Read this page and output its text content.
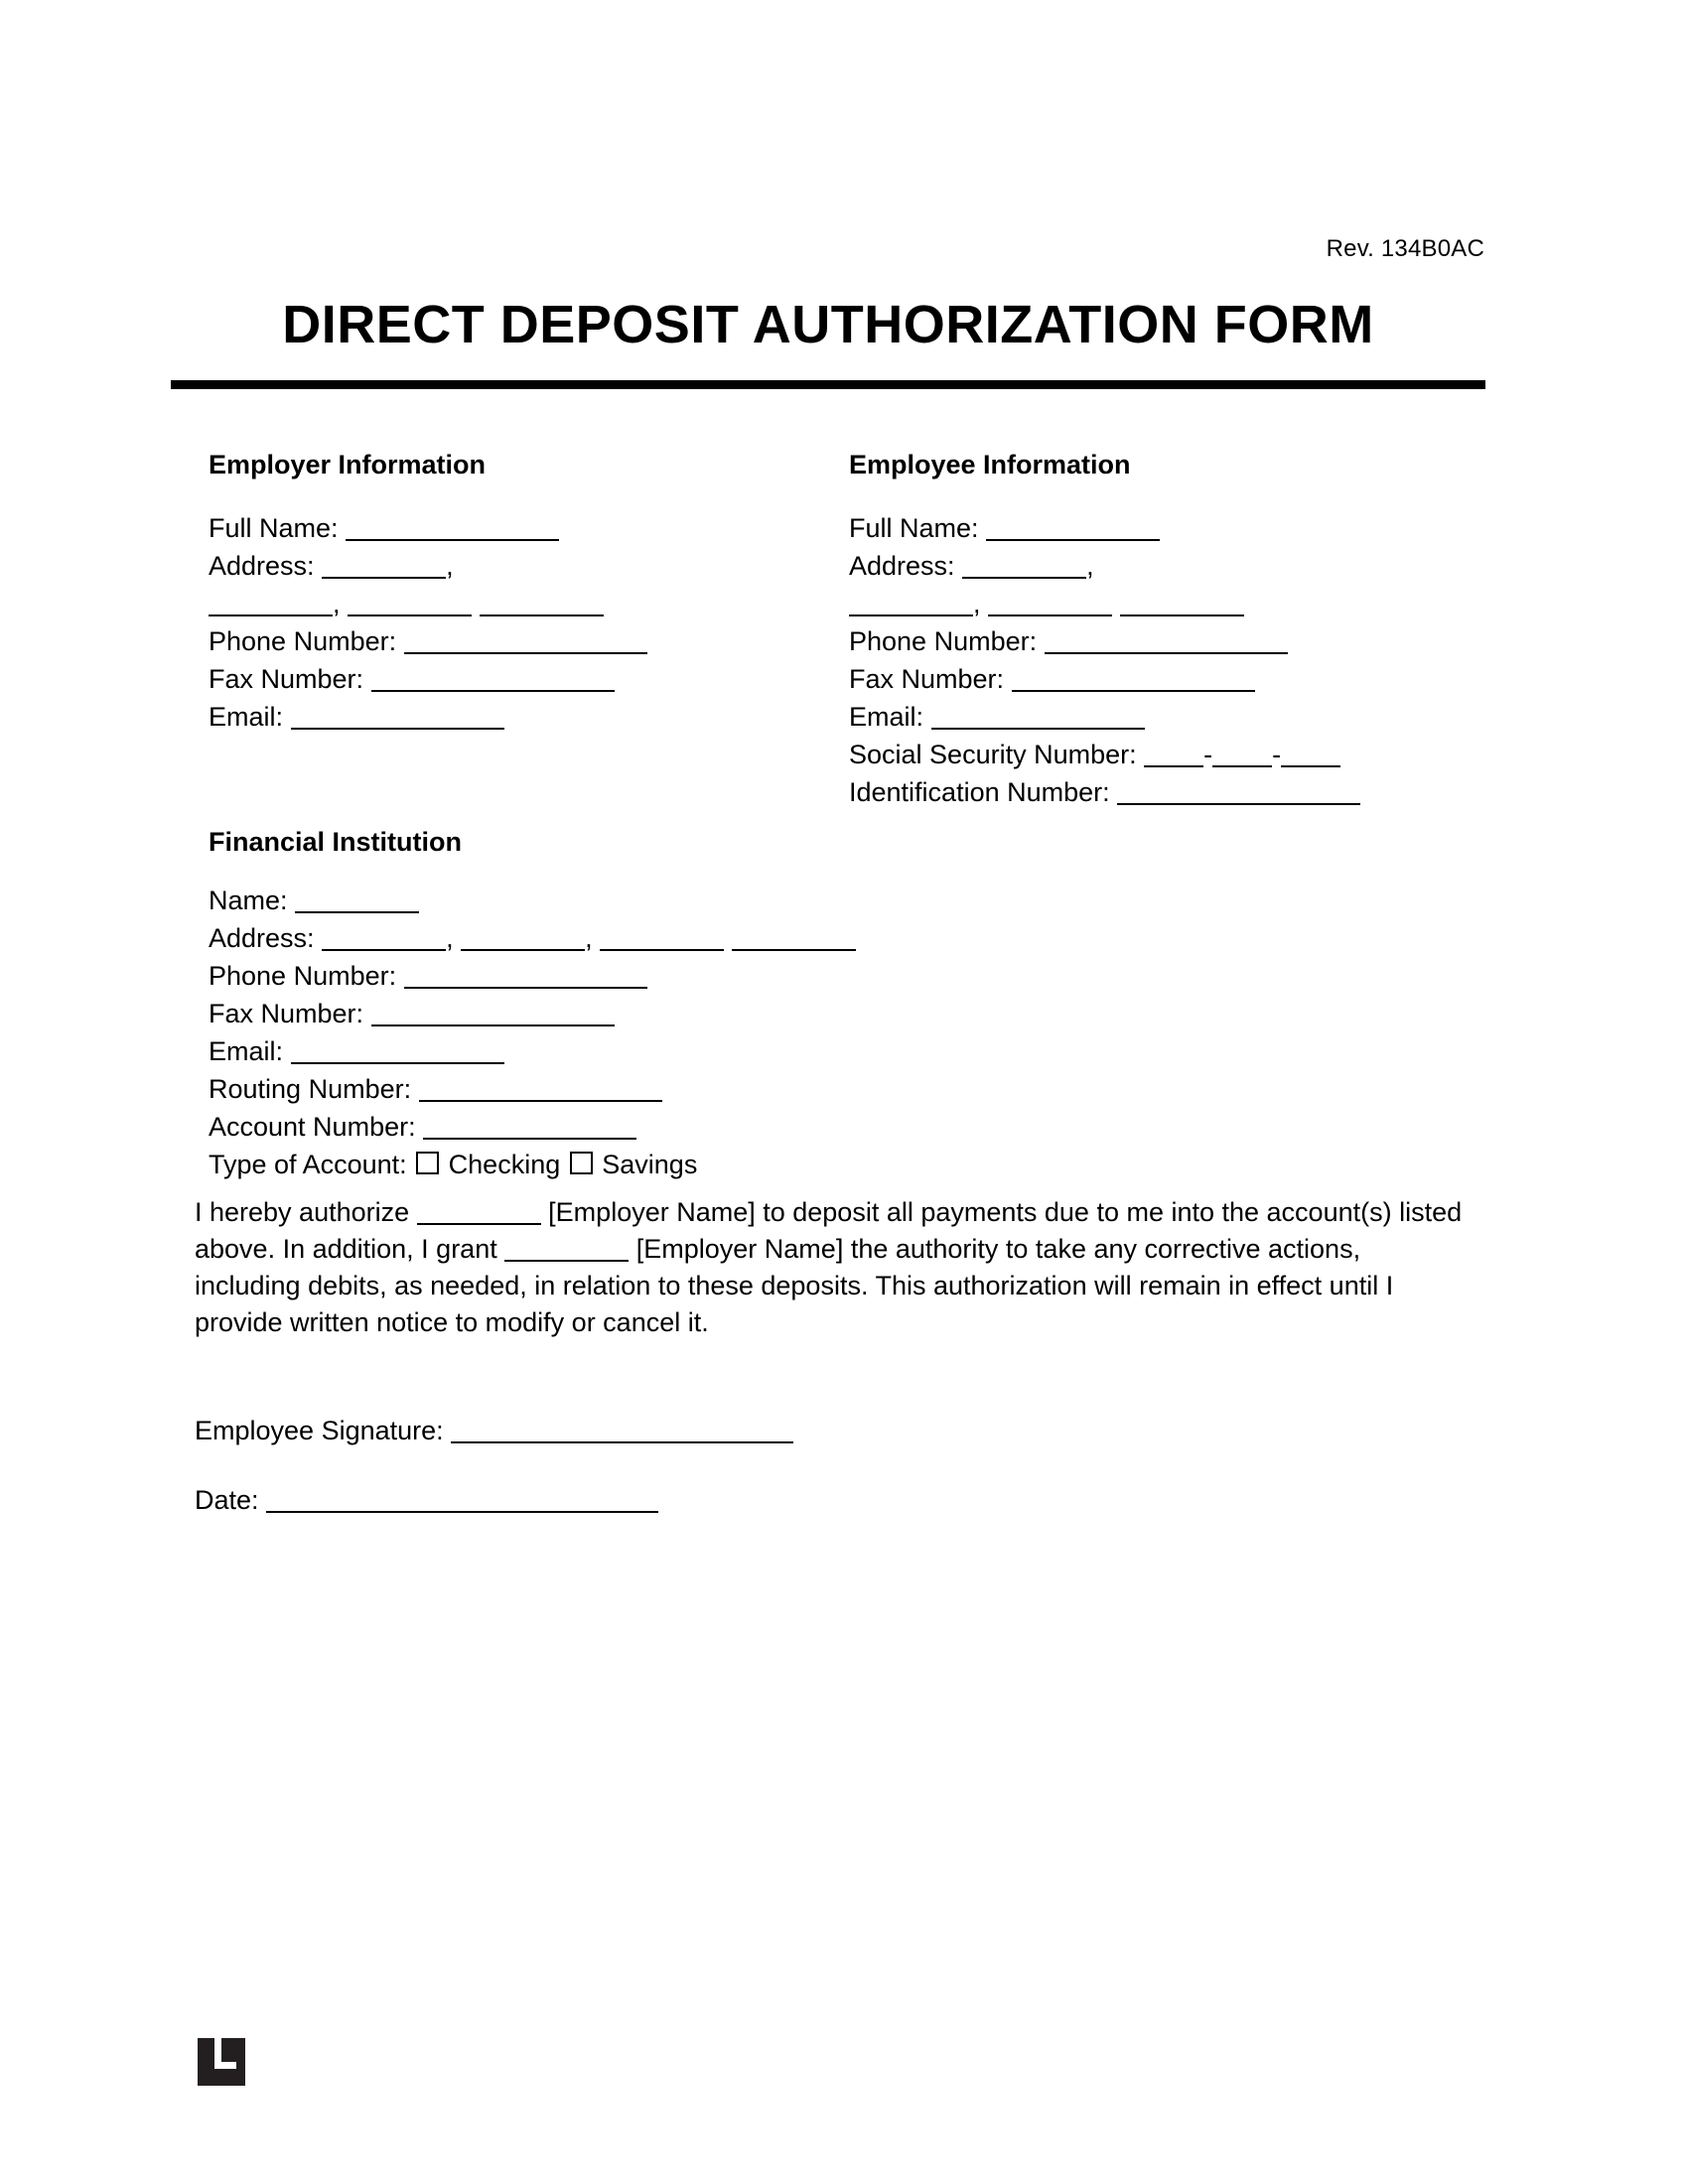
Rev. 134B0AC
DIRECT DEPOSIT AUTHORIZATION FORM
Employer Information
Full Name:
Address:	,
,
Phone Number:
Fax Number:
Email:
Employee Information
Full Name:
Address:	,
,
Phone Number:
Fax Number:
Email:
Social Security Number:	- -
Identification Number:
Financial Institution
Name:
Address:	,	,
Phone Number:
Fax Number:
Email:
Routing Number:
Account Number:
Type of Account: Checking Savings
I hereby authorize	[Employer Name] to deposit all payments due to me into the account(s) listed above. In addition, I grant	[Employer Name] the authority to take any corrective actions, including debits, as needed, in relation to these deposits. This authorization will remain in effect until I provide written notice to modify or cancel it.
Employee Signature:
Date:
